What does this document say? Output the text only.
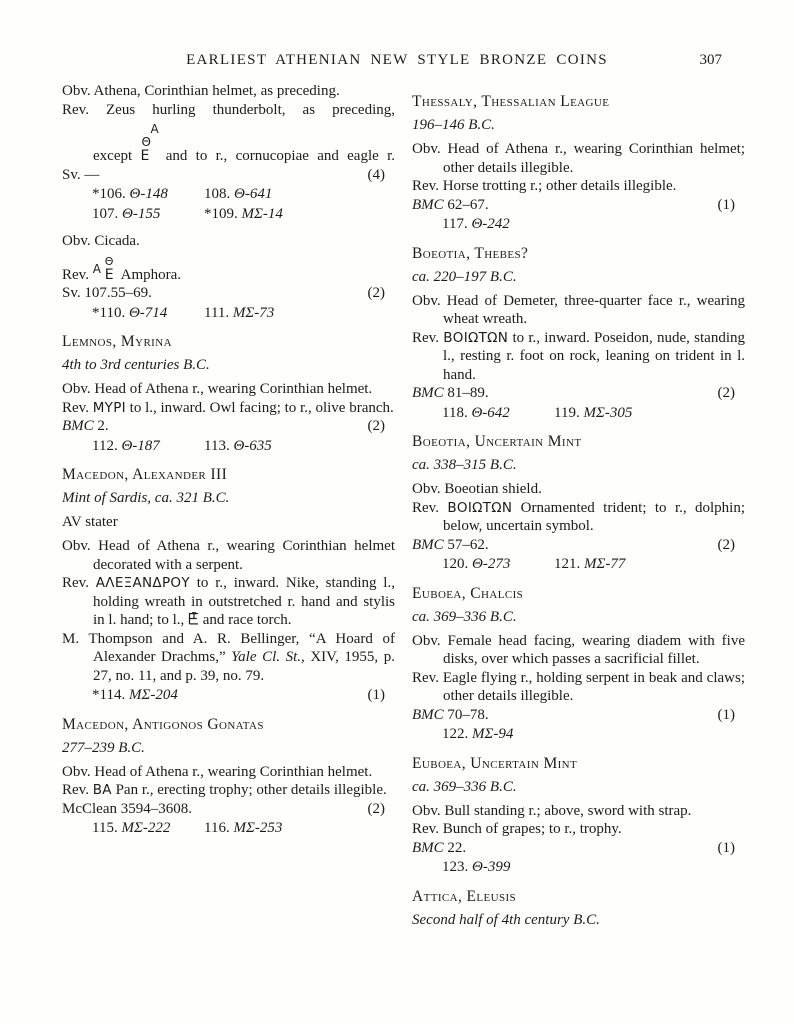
EARLIEST ATHENIAN NEW STYLE BRONZE COINS	307
Obv. Athena, Corinthian helmet, as preceding.
Rev. Zeus hurling thunderbolt, as preceding,
except
A
Θ
E and to r., cornucopiae and eagle r.
Sv. —	(4)
*106. Θ-148	108. Θ-641
107. Θ-155	*109. MΣ-14
Obv. Cicada.
Rev. A
Θ
E Amphora.
Sv. 107.55–69.	(2)
*110. Θ-714	111. MΣ-73
Lemnos, Myrina
4th to 3rd centuries B.C.
Obv. Head of Athena r., wearing Corinthian helmet.
Rev. ΜΥΡΙ to l., inward. Owl facing; to r., olive branch.
BMC 2.	(2)
112. Θ-187	113. Θ-635
Macedon, Alexander III
Mint of Sardis, ca. 321 B.C.
AV stater
Obv. Head of Athena r., wearing Corinthian helmet decorated with a serpent.
Rev. ΑΛΕΞΑΝΔΡΟΥ to r., inward. Nike, standing l., holding wreath in outstretched r. hand and stylis in l. hand; to l.,  and race torch.
M. Thompson and A. R. Bellinger, “A Hoard of Alexander Drachms,” Yale Cl. St., XIV, 1955, p. 27, no. 11, and p. 39, no. 79.
*114. MΣ-204	(1)
Macedon, Antigonos Gonatas
277–239 B.C.
Obv. Head of Athena r., wearing Corinthian helmet.
Rev. BA Pan r., erecting trophy; other details illegible.
McClean 3594–3608.	(2)
115. MΣ-222	116. MΣ-253
Thessaly, Thessalian League
196–146 B.C.
Obv. Head of Athena r., wearing Corinthian helmet; other details illegible.
Rev. Horse trotting r.; other details illegible.
BMC 62–67.	(1)
117. Θ-242
Boeotia, Thebes?
ca. 220–197 B.C.
Obv. Head of Demeter, three-quarter face r., wearing wheat wreath.
Rev. ΒΟΙΩΤΩΝ to r., inward. Poseidon, nude, standing l., resting r. foot on rock, leaning on trident in l. hand.
BMC 81–89.	(2)
118. Θ-642	119. MΣ-305
Boeotia, Uncertain Mint
ca. 338–315 B.C.
Obv. Boeotian shield.
Rev. ΒΟΙΩΤΩΝ Ornamented trident; to r., dolphin; below, uncertain symbol.
BMC 57–62.	(2)
120. Θ-273	121. MΣ-77
Euboea, Chalcis
ca. 369–336 B.C.
Obv. Female head facing, wearing diadem with five disks, over which passes a sacrificial fillet.
Rev. Eagle flying r., holding serpent in beak and claws; other details illegible.
BMC 70–78.	(1)
122. MΣ-94
Euboea, Uncertain Mint
ca. 369–336 B.C.
Obv. Bull standing r.; above, sword with strap.
Rev. Bunch of grapes; to r., trophy.
BMC 22.	(1)
123. Θ-399
Attica, Eleusis
Second half of 4th century B.C.
